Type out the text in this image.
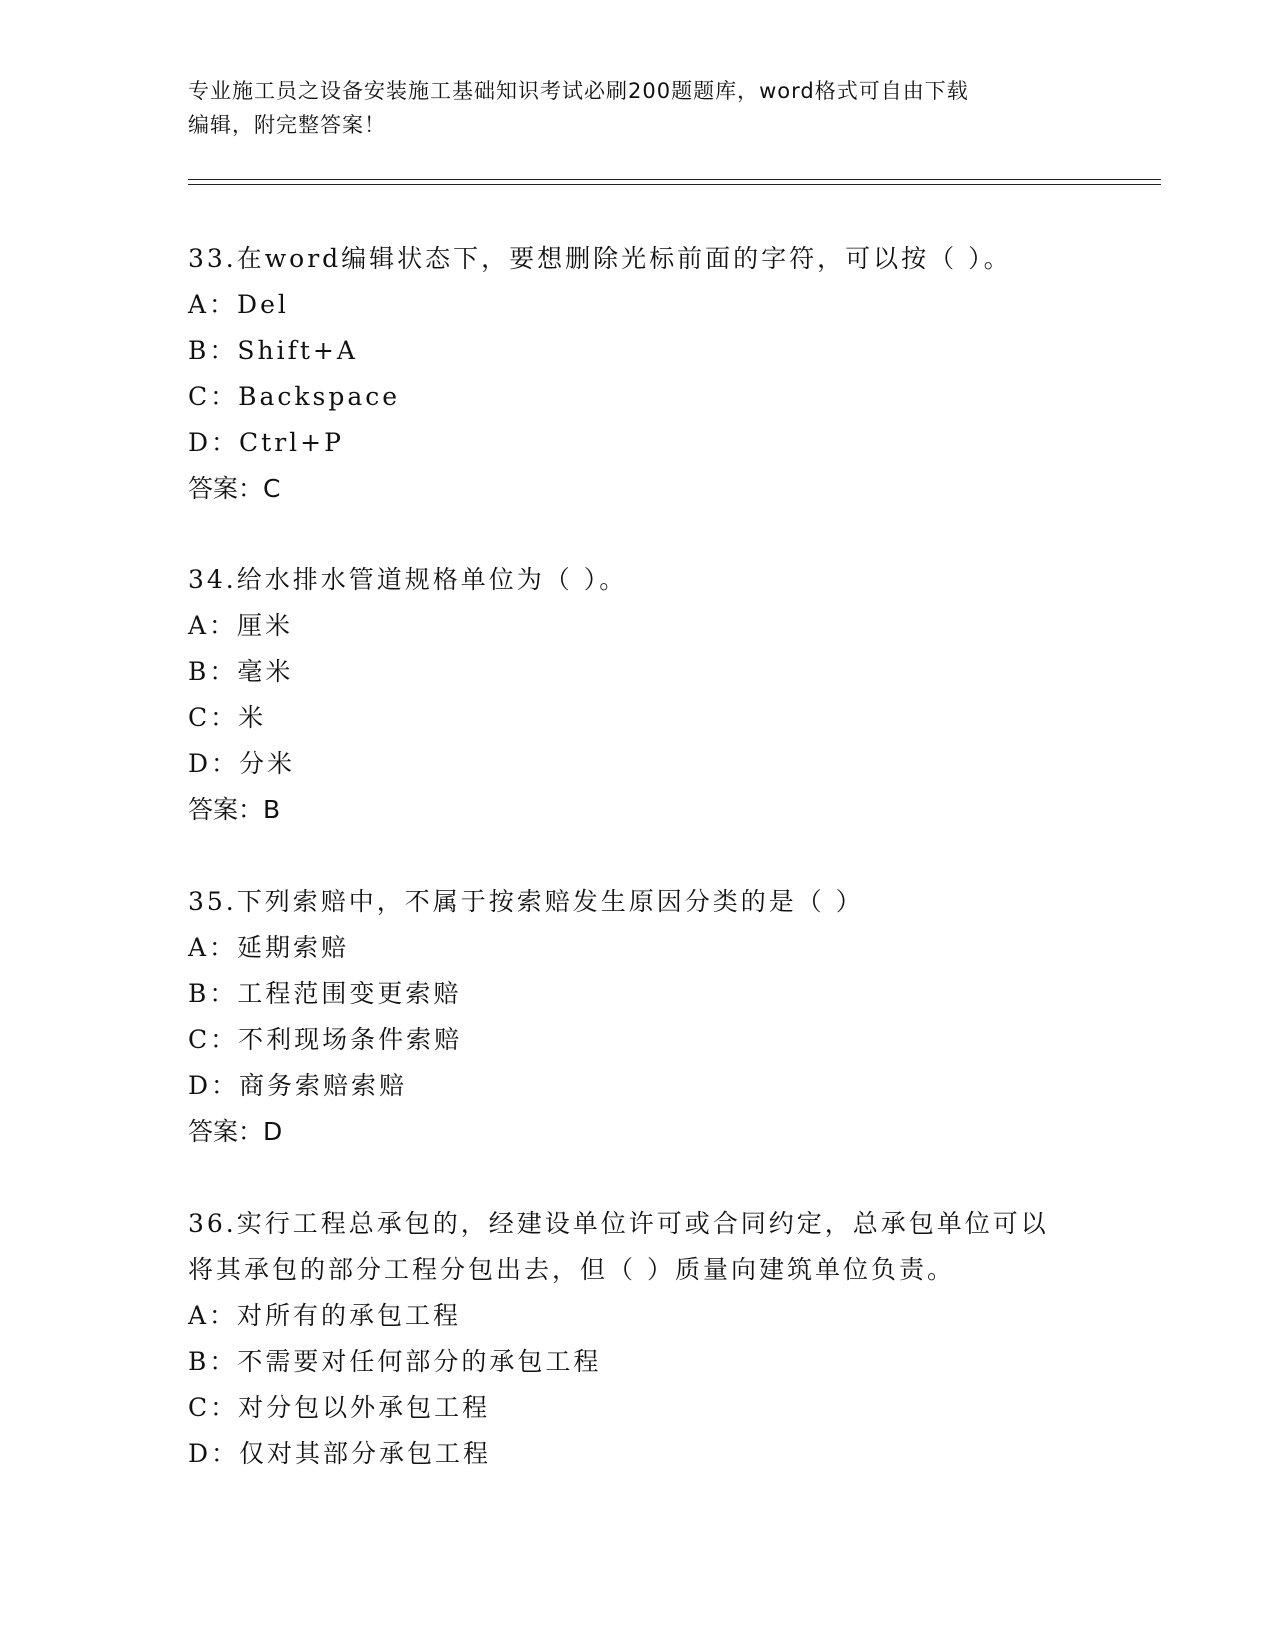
专业施工员之设备安装施工基础知识考试必刷200题题库，word格式可自由下载
编辑，附完整答案！
33.在word编辑状态下，要想删除光标前面的字符，可以按（ ）。
A：Del
B：Shift+A
C：Backspace
D：Ctrl+P
答案：C
34.给水排水管道规格单位为（ ）。
A：厘米
B：毫米
C：米
D：分米
答案：B
35.下列索赔中，不属于按索赔发生原因分类的是（ ）
A：延期索赔
B：工程范围变更索赔
C：不利现场条件索赔
D：商务索赔索赔
答案：D
36.实行工程总承包的，经建设单位许可或合同约定，总承包单位可以
将其承包的部分工程分包出去，但（ ）质量向建筑单位负责。
A：对所有的承包工程
B：不需要对任何部分的承包工程
C：对分包以外承包工程
D：仅对其部分承包工程
